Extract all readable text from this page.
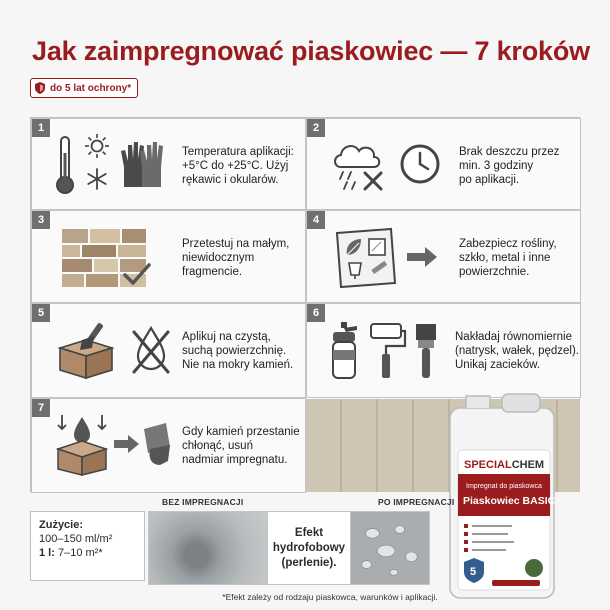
Jak zaimpregnować piaskowiec — 7 kroków
do 5 lat ochrony*
1
Temperatura aplikacji:
+5°C do +25°C. Użyj
rękawic i okularów.
2
Brak deszczu przez
min. 3 godziny
po aplikacji.
3
Przetestuj na małym,
niewidocznym
fragmencie.
4
Zabezpiecz rośliny,
szkło, metal i inne
powierzchnie.
5
Aplikuj na czystą,
suchą powierzchnię.
Nie na mokry kamień.
6
Nakładaj równomiernie
(natrysk, wałek, pędzel).
Unikaj zacieków.
7
Gdy kamień przestanie
chłonąć, usuń
nadmiar impregnatu.	SPECIALCHEM
Impregnat do piaskowca
Piaskowiec BASIC
5
Zużycie:
100–150 ml/m²
1 l: 7–10 m²*
BEZ IMPREGNACJI	PO IMPREGNACJI
Efekt
hydrofobowy
(perlenie).
*Efekt zależy od rodzaju piaskowca, warunków i aplikacji.
